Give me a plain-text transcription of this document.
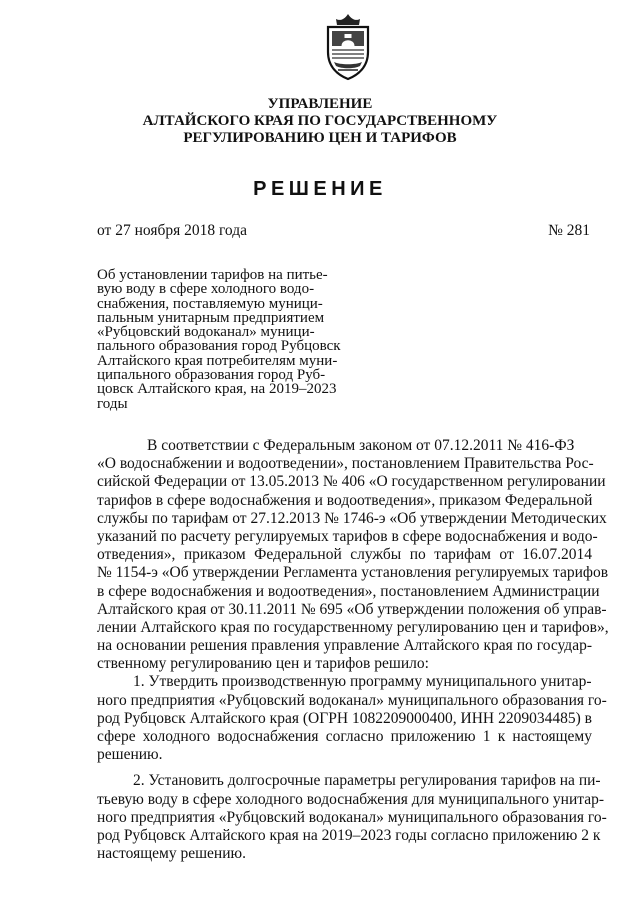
УПРАВЛЕНИЕ
АЛТАЙСКОГО КРАЯ ПО ГОСУДАРСТВЕННОМУ
РЕГУЛИРОВАНИЮ ЦЕН И ТАРИФОВ
РЕШЕНИЕ
от 27 ноября 2018 года	№ 281
Об установлении тарифов на питье-
вую воду в сфере холодного водо-
снабжения, поставляемую муници-
пальным унитарным предприятием
«Рубцовский водоканал» муници-
пального образования город Рубцовск
Алтайского края потребителям муни-
ципального образования город Руб-
цовск Алтайского края, на 2019–2023
годы
В соответствии с Федеральным законом от 07.12.2011 № 416-ФЗ
«О водоснабжении и водоотведении», постановлением Правительства Рос-
сийской Федерации от 13.05.2013 № 406 «О государственном регулировании
тарифов в сфере водоснабжения и водоотведения», приказом Федеральной
службы по тарифам от 27.12.2013 № 1746-э «Об утверждении Методических
указаний по расчету регулируемых тарифов в сфере водоснабжения и водо-
отведения», приказом Федеральной службы по тарифам от 16.07.2014
№ 1154-э «Об утверждении Регламента установления регулируемых тарифов
в сфере водоснабжения и водоотведения», постановлением Администрации
Алтайского края от 30.11.2011 № 695 «Об утверждении положения об управ-
лении Алтайского края по государственному регулированию цен и тарифов»,
на основании решения правления управление Алтайского края по государ-
ственному регулированию цен и тарифов решило:
1. Утвердить производственную программу муниципального унитар-
ного предприятия «Рубцовский водоканал» муниципального образования го-
род Рубцовск Алтайского края (ОГРН 1082209000400, ИНН 2209034485) в
сфере холодного водоснабжения согласно приложению 1 к настоящему
решению.
2. Установить долгосрочные параметры регулирования тарифов на пи-
тьевую воду в сфере холодного водоснабжения для муниципального унитар-
ного предприятия «Рубцовский водоканал» муниципального образования го-
род Рубцовск Алтайского края на 2019–2023 годы согласно приложению 2 к
настоящему решению.
